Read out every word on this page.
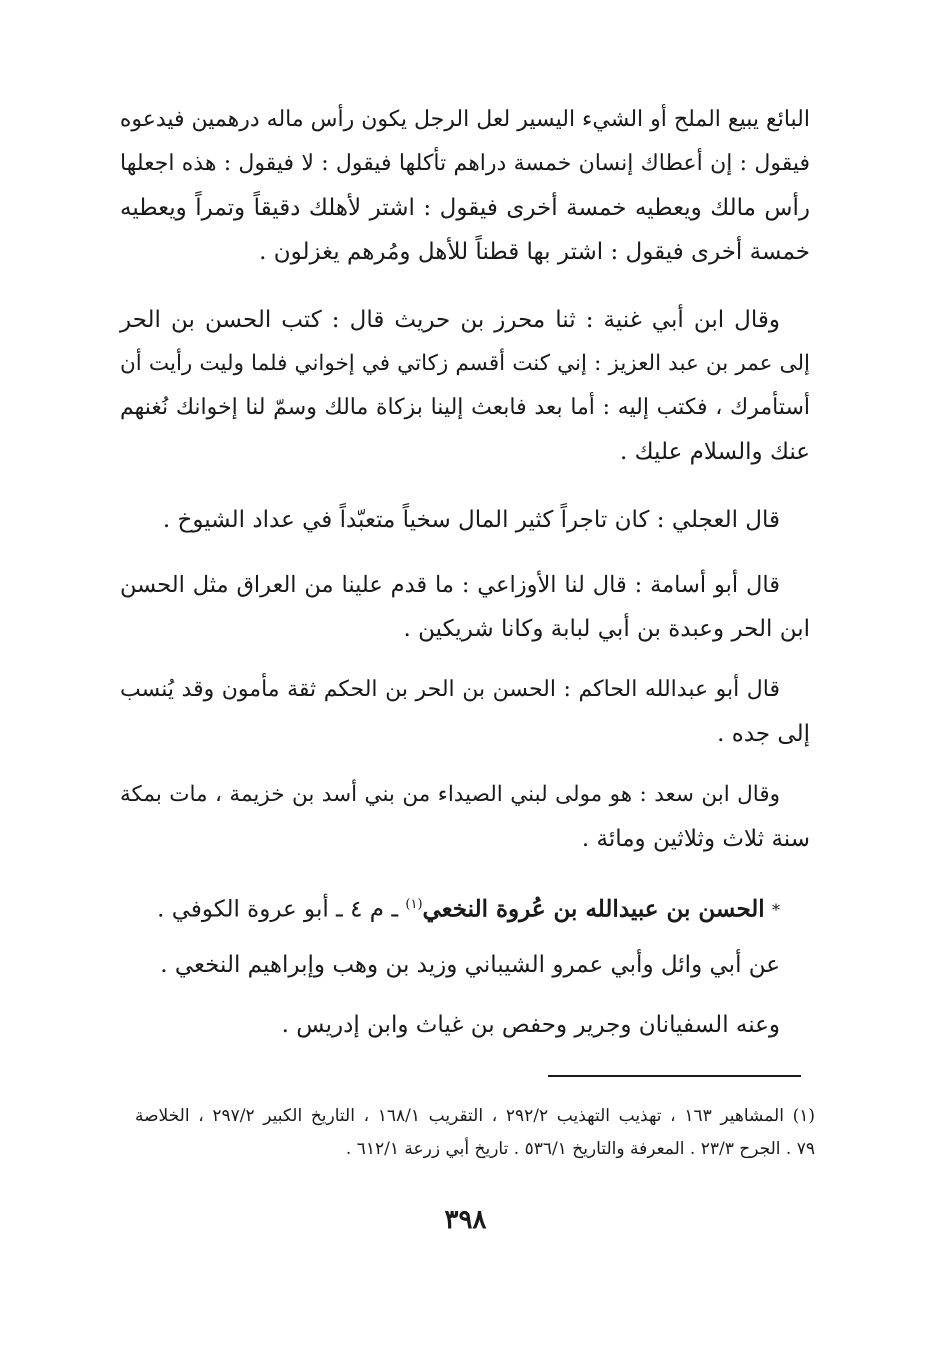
البائع يبيع الملح أو الشيء اليسير لعل الرجل يكون رأس ماله درهمين فيدعوه
فيقول : إن أعطاك إنسان خمسة دراهم تأكلها فيقول : لا فيقول : هذه اجعلها
رأس مالك ويعطيه خمسة أخرى فيقول : اشتر لأهلك دقيقاً وتمراً ويعطيه
خمسة أخرى فيقول : اشتر بها قطناً للأهل ومُرهم يغزلون .
وقال ابن أبي غنية : ثنا محرز بن حريث قال : كتب الحسن بن الحر
إلى عمر بن عبد العزيز : إني كنت أقسم زكاتي في إخواني فلما وليت رأيت أن
أستأمرك ، فكتب إليه : أما بعد فابعث إلينا بزكاة مالك وسمّ لنا إخوانك نُغنهم
عنك والسلام عليك .
قال العجلي : كان تاجراً كثير المال سخياً متعبّداً في عداد الشيوخ .
قال أبو أسامة : قال لنا الأوزاعي : ما قدم علينا من العراق مثل الحسن
ابن الحر وعبدة بن أبي لبابة وكانا شريكين .
قال أبو عبدالله الحاكم : الحسن بن الحر بن الحكم ثقة مأمون وقد يُنسب
إلى جده .
وقال ابن سعد : هو مولى لبني الصيداء من بني أسد بن خزيمة ، مات بمكة
سنة ثلاث وثلاثين ومائة .
* الحسن بن عبيدالله بن عُروة النخعي$^{(١)}$ ـ م ٤ ـ أبو عروة الكوفي .
عن أبي وائل وأبي عمرو الشيباني وزيد بن وهب وإبراهيم النخعي .
وعنه السفيانان وجرير وحفص بن غياث وابن إدريس .
(١) المشاهير ١٦٣ ، تهذيب التهذيب ٢٩٢/٢ ، التقريب ١٦٨/١ ، التاريخ الكبير ٢٩٧/٢ ، الخلاصة
٧٩ . الجرح ٢٣/٣ . المعرفة والتاريخ ٥٣٦/١ . تاريخ أبي زرعة ٦١٢/١ .
٣٩٨
